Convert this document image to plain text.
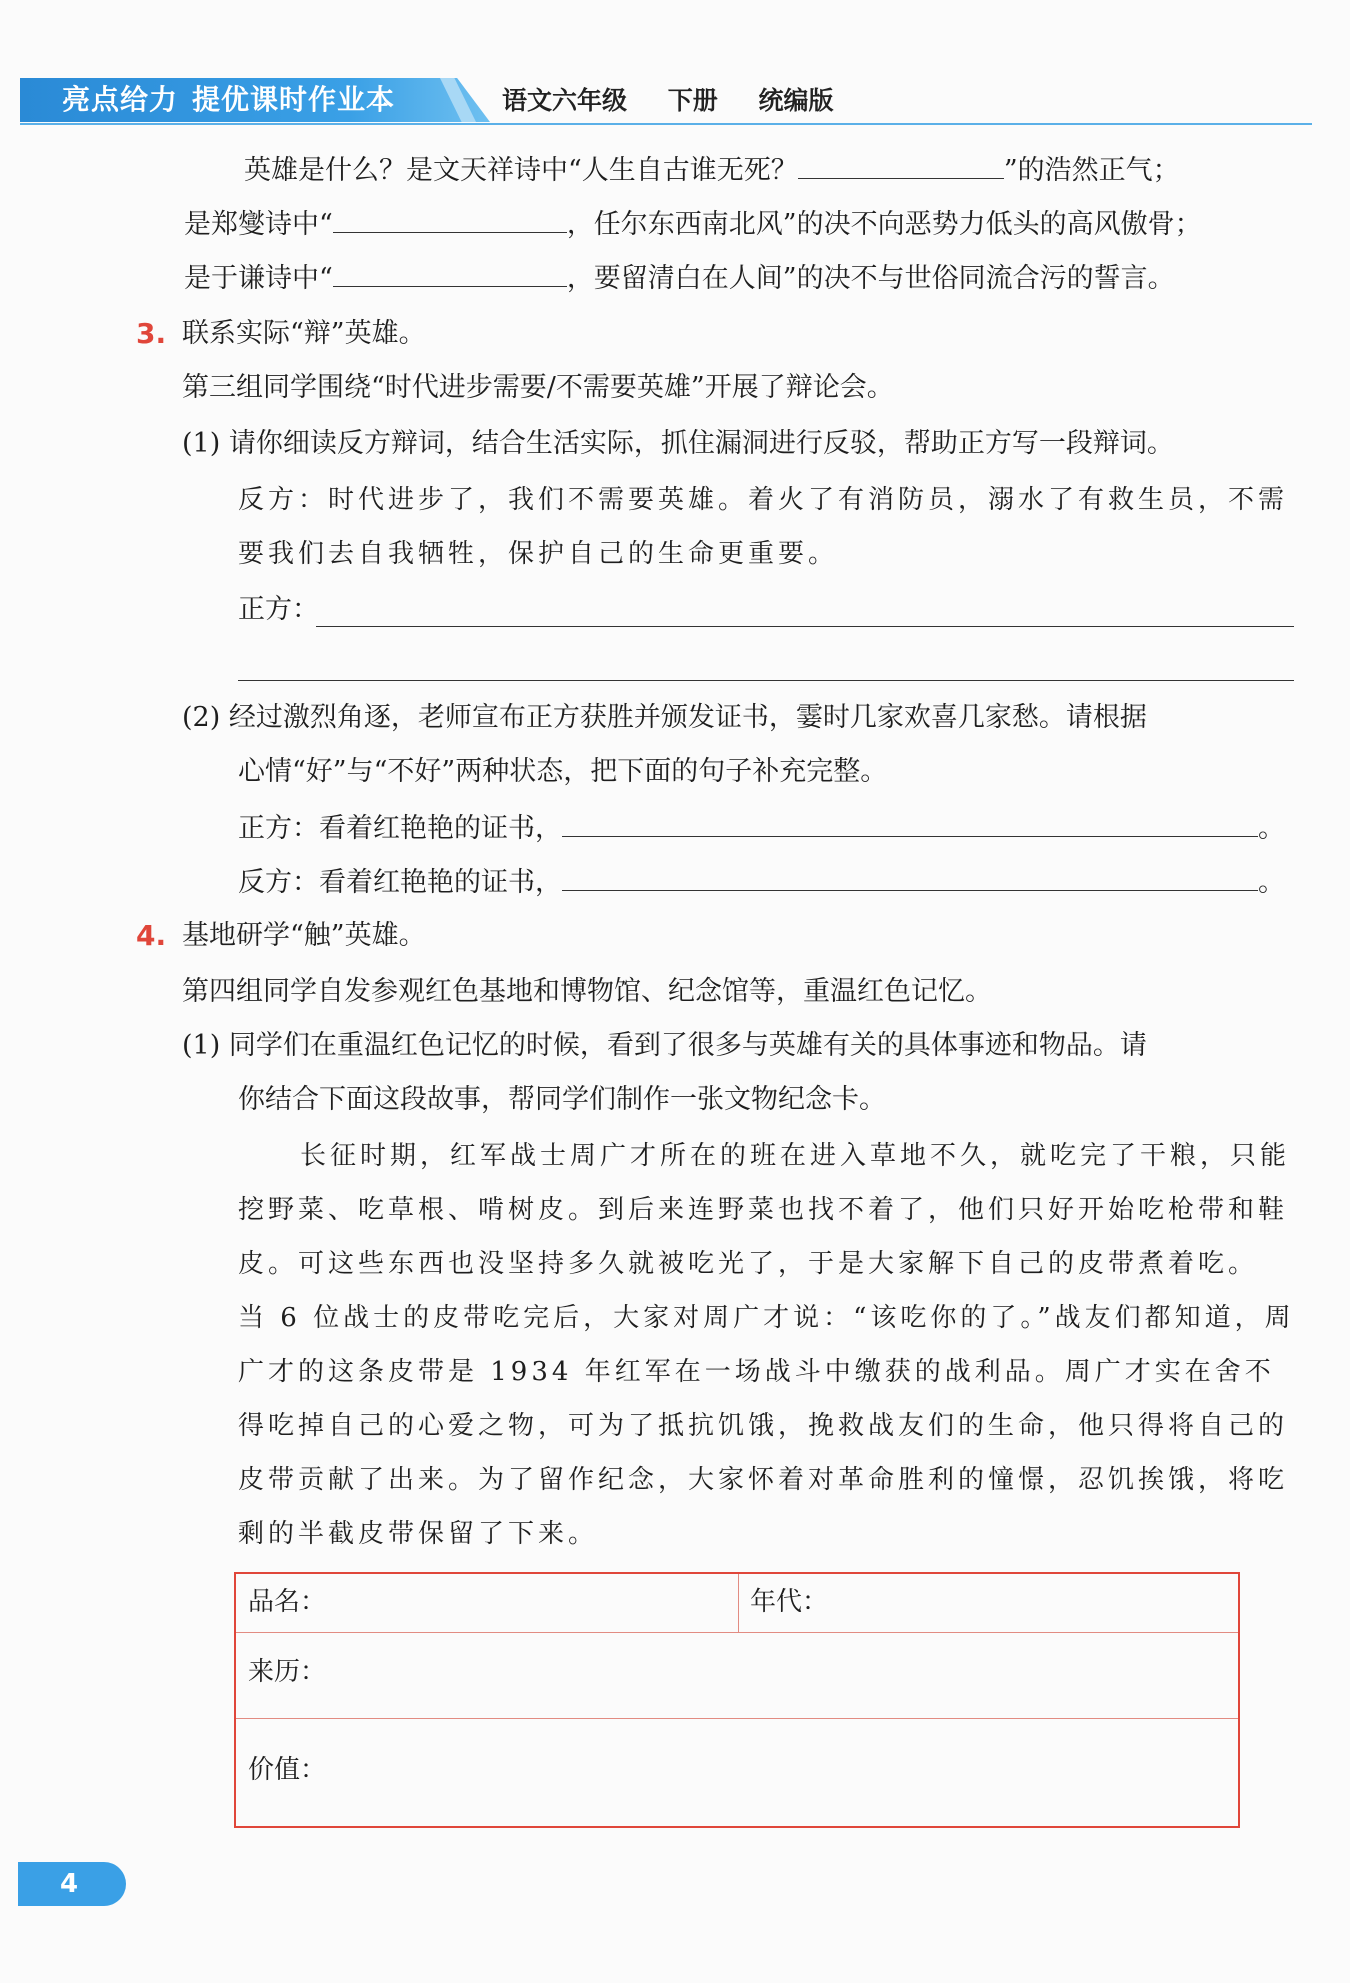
亮点给力 提优课时作业本	语文六年级 下册 统编版
英雄是什么？是文天祥诗中“人生自古谁无死？	”的浩然正气；
是郑燮诗中“	，任尔东西南北风”的决不向恶势力低头的高风傲骨；
是于谦诗中“	，要留清白在人间”的决不与世俗同流合污的誓言。
3. 联系实际“辩”英雄。
第三组同学围绕“时代进步需要/不需要英雄”开展了辩论会。
(1) 请你细读反方辩词，结合生活实际，抓住漏洞进行反驳，帮助正方写一段辩词。
反方：时代进步了，我们不需要英雄。着火了有消防员，溺水了有救生员，不需
要我们去自我牺牲，保护自己的生命更重要。
正方：
(2) 经过激烈角逐，老师宣布正方获胜并颁发证书，霎时几家欢喜几家愁。请根据
心情“好”与“不好”两种状态，把下面的句子补充完整。
正方：看着红艳艳的证书，	。
反方：看着红艳艳的证书，	。
4. 基地研学“触”英雄。
第四组同学自发参观红色基地和博物馆、纪念馆等，重温红色记忆。
(1) 同学们在重温红色记忆的时候，看到了很多与英雄有关的具体事迹和物品。请
你结合下面这段故事，帮同学们制作一张文物纪念卡。
长征时期，红军战士周广才所在的班在进入草地不久，就吃完了干粮，只能
挖野菜、吃草根、啃树皮。到后来连野菜也找不着了，他们只好开始吃枪带和鞋
皮。可这些东西也没坚持多久就被吃光了，于是大家解下自己的皮带煮着吃。
当 6 位战士的皮带吃完后，大家对周广才说：“该吃你的了。”战友们都知道，周
广才的这条皮带是 1934 年红军在一场战斗中缴获的战利品。周广才实在舍不
得吃掉自己的心爱之物，可为了抵抗饥饿，挽救战友们的生命，他只得将自己的
皮带贡献了出来。为了留作纪念，大家怀着对革命胜利的憧憬，忍饥挨饿，将吃
剩的半截皮带保留了下来。
品名：	年代：
来历：
价值：
4
